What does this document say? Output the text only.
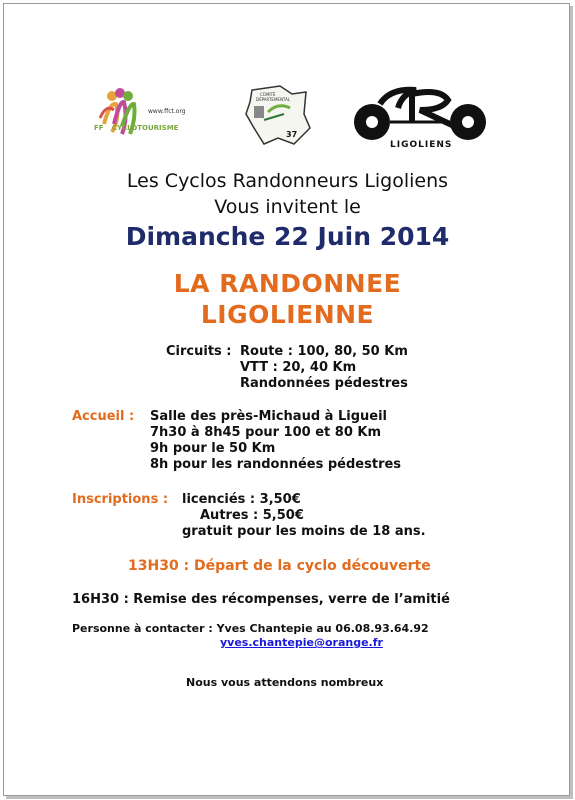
www.ffct.org
FF CYCLOTOURISME
COMITÉ
DÉPARTEMENTAL
37
LIGOLIENS
Les Cyclos Randonneurs Ligoliens
Vous invitent le
Dimanche 22 Juin 2014
LA RANDONNEE
LIGOLIENNE
Circuits : Route : 100, 80, 50 Km
VTT : 20, 40 Km
Randonnées pédestres
Accueil : Salle des près-Michaud à Ligueil
7h30 à 8h45 pour 100 et 80 Km
9h pour le 50 Km
8h pour les randonnées pédestres
Inscriptions : licenciés : 3,50€
Autres : 5,50€
gratuit pour les moins de 18 ans.
13H30 : Départ de la cyclo découverte
16H30 : Remise des récompenses, verre de l’amitié
Personne à contacter : Yves Chantepie au 06.08.93.64.92
yves.chantepie@orange.fr
Nous vous attendons nombreux
